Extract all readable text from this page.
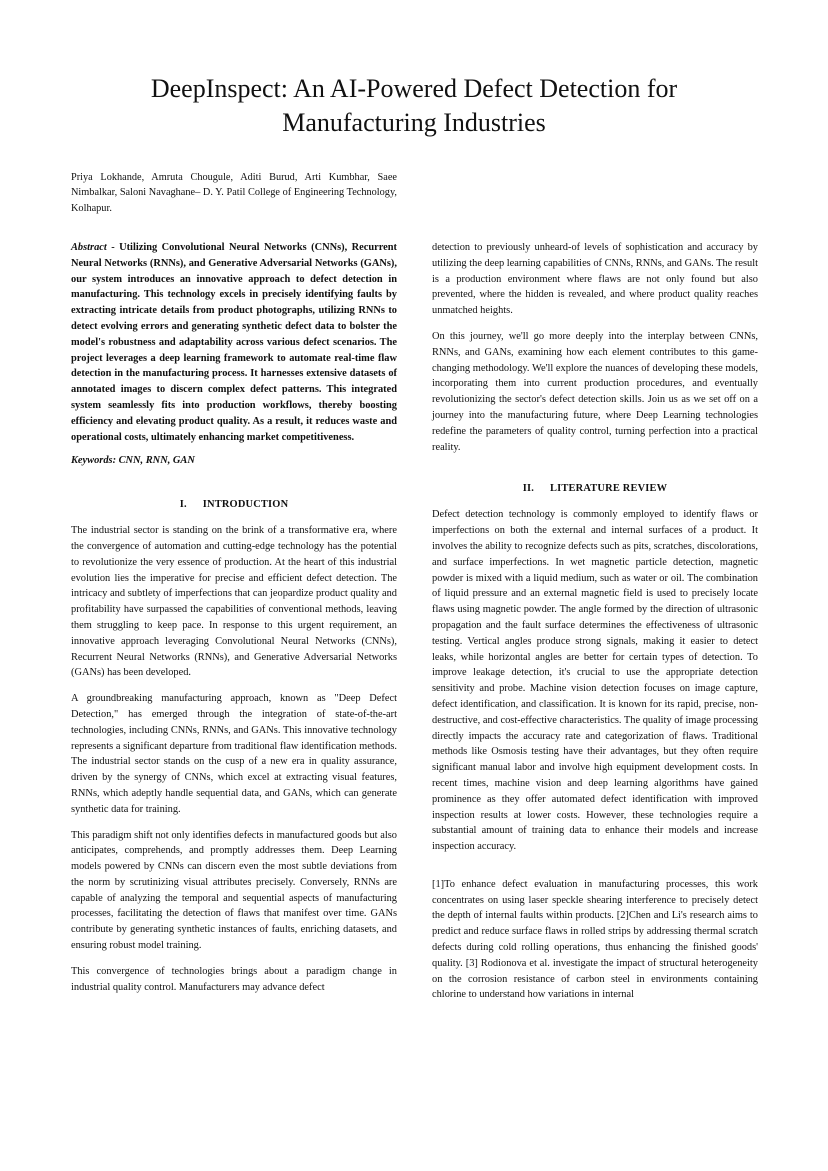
DeepInspect: An AI-Powered Defect Detection for
Manufacturing Industries

Priya Lokhande, Amruta Chougule, Aditi Burud, Arti Kumbhar, Saee Nimbalkar, Saloni Navaghane– D. Y. Patil College of Engineering Technology, Kolhapur.

Abstract - Utilizing Convolutional Neural Networks (CNNs), Recurrent Neural Networks (RNNs), and Generative Adversarial Networks (GANs), our system introduces an innovative approach to defect detection in manufacturing. This technology excels in precisely identifying faults by extracting intricate details from product photographs, utilizing RNNs to detect evolving errors and generating synthetic defect data to bolster the model's robustness and adaptability across various defect scenarios. The project leverages a deep learning framework to automate real-time flaw detection in the manufacturing process. It harnesses extensive datasets of annotated images to discern complex defect patterns. This integrated system seamlessly fits into production workflows, thereby boosting efficiency and elevating product quality. As a result, it reduces waste and operational costs, ultimately enhancing market competitiveness.

Keywords: CNN, RNN, GAN

I. INTRODUCTION

The industrial sector is standing on the brink of a transformative era, where the convergence of automation and cutting-edge technology has the potential to revolutionize the very essence of production. At the heart of this industrial evolution lies the imperative for precise and efficient defect detection. The intricacy and subtlety of imperfections that can jeopardize product quality and profitability have surpassed the capabilities of conventional methods, leaving them struggling to keep pace. In response to this urgent requirement, an innovative approach leveraging Convolutional Neural Networks (CNNs), Recurrent Neural Networks (RNNs), and Generative Adversarial Networks (GANs) has been developed.

A groundbreaking manufacturing approach, known as "Deep Defect Detection," has emerged through the integration of state-of-the-art technologies, including CNNs, RNNs, and GANs. This innovative technology represents a significant departure from traditional flaw identification methods. The industrial sector stands on the cusp of a new era in quality assurance, driven by the synergy of CNNs, which excel at extracting visual features, RNNs, which adeptly handle sequential data, and GANs, which can generate synthetic data for training.

This paradigm shift not only identifies defects in manufactured goods but also anticipates, comprehends, and promptly addresses them. Deep Learning models powered by CNNs can discern even the most subtle deviations from the norm by scrutinizing visual attributes precisely. Conversely, RNNs are capable of analyzing the temporal and sequential aspects of manufacturing processes, facilitating the detection of flaws that manifest over time. GANs contribute by generating synthetic instances of faults, enriching datasets, and ensuring robust model training.

This convergence of technologies brings about a paradigm change in industrial quality control. Manufacturers may advance defect

detection to previously unheard-of levels of sophistication and accuracy by utilizing the deep learning capabilities of CNNs, RNNs, and GANs. The result is a production environment where flaws are not only found but also prevented, where the hidden is revealed, and where product quality reaches unmatched heights.

On this journey, we'll go more deeply into the interplay between CNNs, RNNs, and GANs, examining how each element contributes to this game-changing methodology. We'll explore the nuances of developing these models, incorporating them into current production procedures, and eventually revolutionizing the sector's defect detection skills. Join us as we set off on a journey into the manufacturing future, where Deep Learning technologies redefine the parameters of quality control, turning perfection into a practical reality.

II. LITERATURE REVIEW

Defect detection technology is commonly employed to identify flaws or imperfections on both the external and internal surfaces of a product. It involves the ability to recognize defects such as pits, scratches, discolorations, and surface imperfections. In wet magnetic particle detection, magnetic powder is mixed with a liquid medium, such as water or oil. The combination of liquid pressure and an external magnetic field is used to precisely locate flaws using magnetic powder. The angle formed by the direction of ultrasonic propagation and the fault surface determines the effectiveness of ultrasonic testing. Vertical angles produce strong signals, making it easier to detect leaks, while horizontal angles are better for certain types of detection. To improve leakage detection, it's crucial to use the appropriate detection sensitivity and probe. Machine vision detection focuses on image capture, defect identification, and classification. It is known for its rapid, precise, non-destructive, and cost-effective characteristics. The quality of image processing directly impacts the accuracy rate and categorization of flaws. Traditional methods like Osmosis testing have their advantages, but they often require significant manual labor and involve high equipment development costs. In recent times, machine vision and deep learning algorithms have gained prominence as they offer automated defect identification with improved inspection results at lower costs. However, these technologies require a substantial amount of training data to enhance their models and increase inspection accuracy.

[1]To enhance defect evaluation in manufacturing processes, this work concentrates on using laser speckle shearing interference to precisely detect the depth of internal faults within products. [2]Chen and Li's research aims to predict and reduce surface flaws in rolled strips by addressing thermal scratch defects during cold rolling operations, thus enhancing the finished goods' quality. [3] Rodionova et al. investigate the impact of structural heterogeneity on the corrosion resistance of carbon steel in environments containing chlorine to understand how variations in internal
